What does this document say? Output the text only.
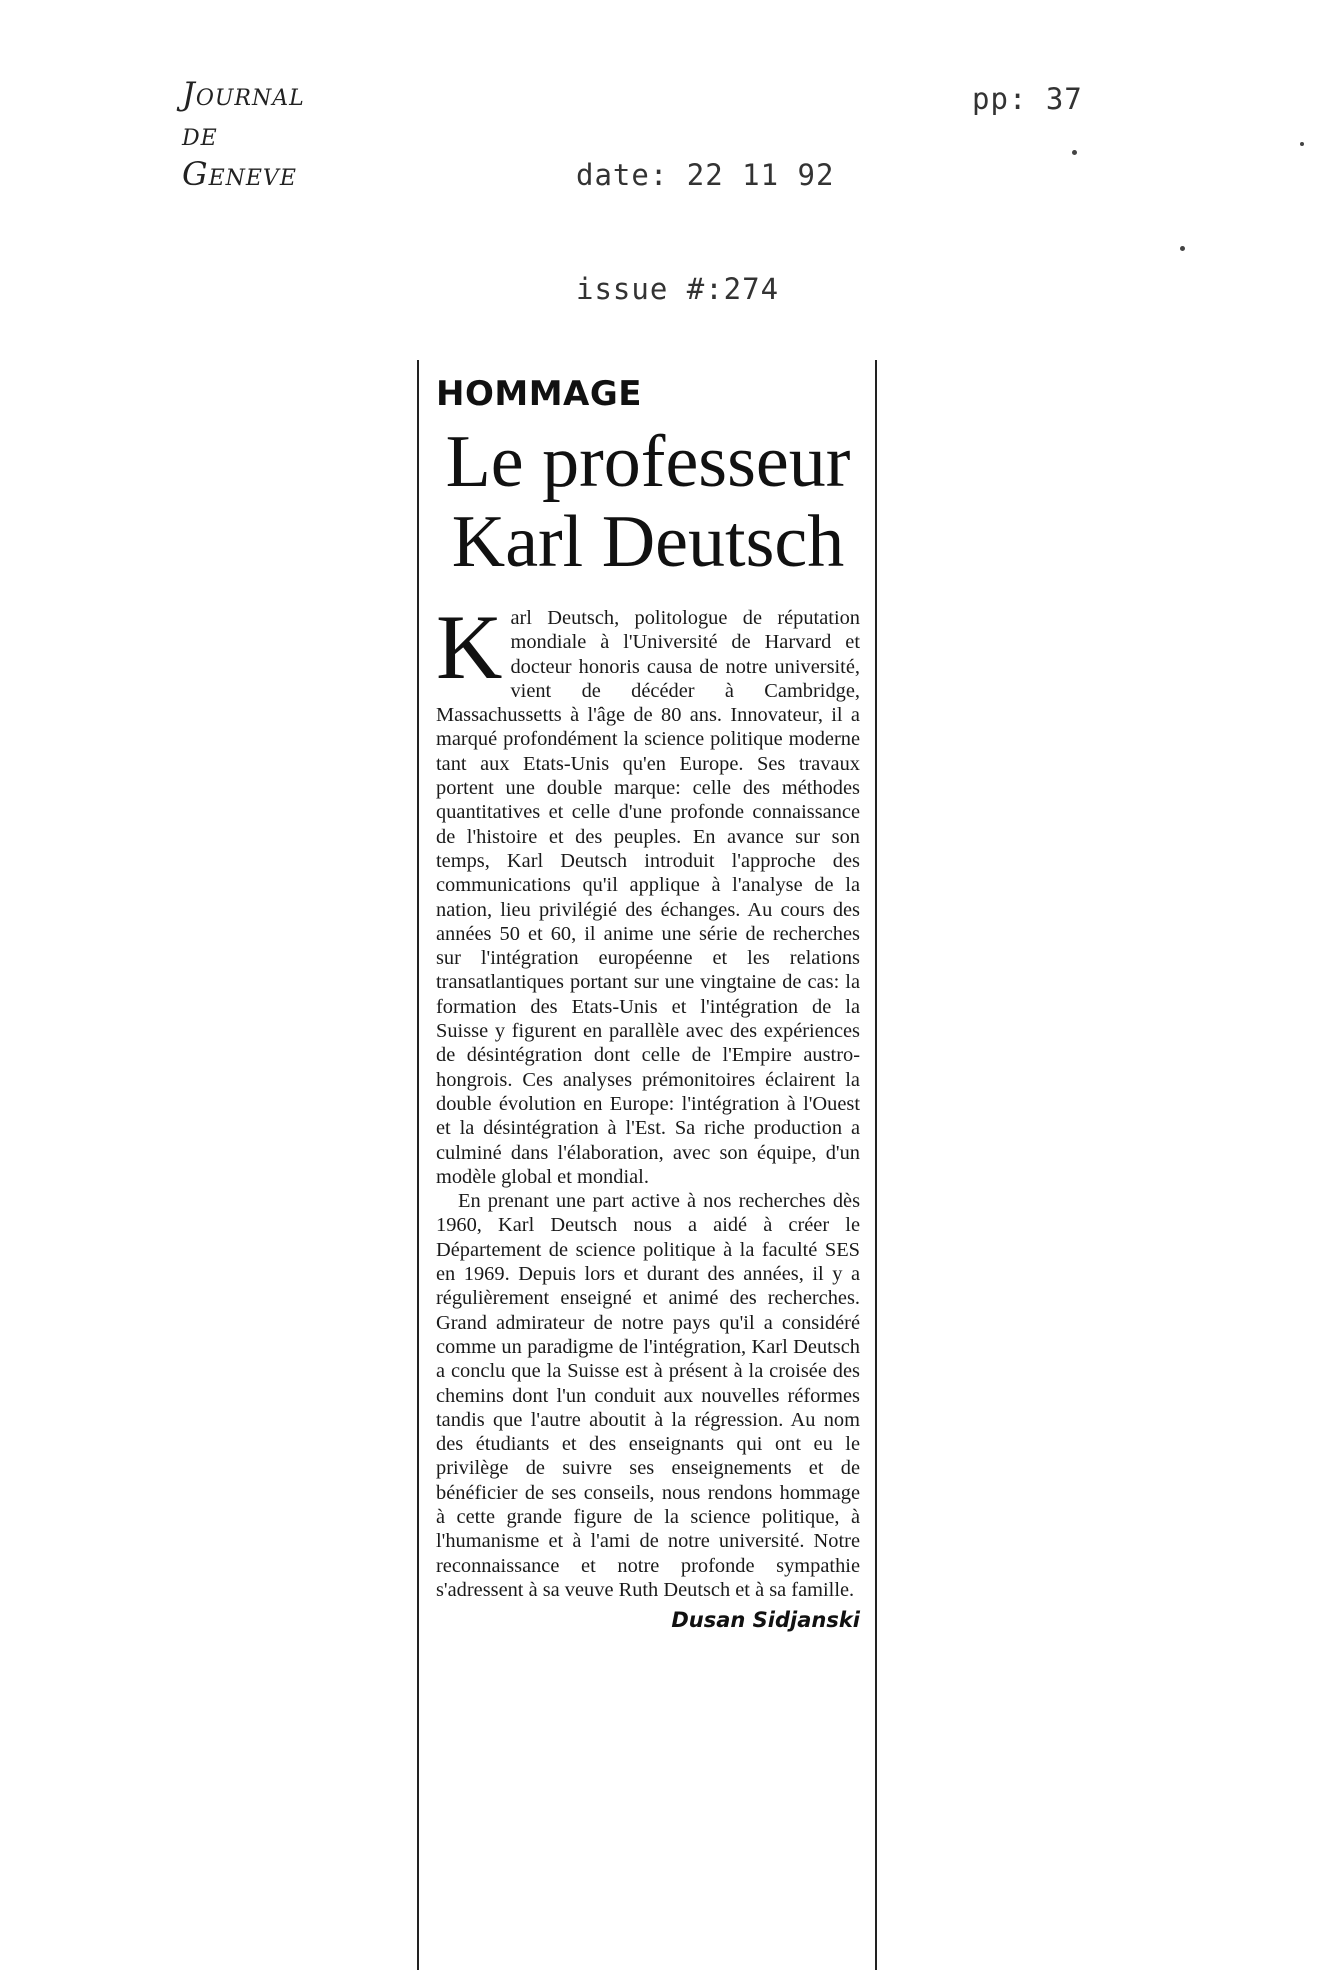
Journal
de
Geneve

	date: 22 11 92

issue #:274

pp: 37
HOMMAGE
Le professeur
Karl Deutsch

Karl Deutsch, politologue de réputation mondiale à l'Université de Harvard et docteur honoris causa de notre université, vient de décéder à Cambridge, Massachussetts à l'âge de 80 ans. Innovateur, il a marqué profondément la science politique moderne tant aux Etats-Unis qu'en Europe. Ses travaux portent une double marque: celle des méthodes quantitatives et celle d'une profonde connaissance de l'histoire et des peuples. En avance sur son temps, Karl Deutsch introduit l'approche des communications qu'il applique à l'analyse de la nation, lieu privilégié des échanges. Au cours des années 50 et 60, il anime une série de recherches sur l'intégration européenne et les relations transatlantiques portant sur une vingtaine de cas: la formation des Etats-Unis et l'intégration de la Suisse y figurent en parallèle avec des expériences de désintégration dont celle de l'Empire austro-hongrois. Ces analyses prémonitoires éclairent la double évolution en Europe: l'intégration à l'Ouest et la désintégration à l'Est. Sa riche production a culminé dans l'élaboration, avec son équipe, d'un modèle global et mondial.

En prenant une part active à nos recherches dès 1960, Karl Deutsch nous a aidé à créer le Département de science politique à la faculté SES en 1969. Depuis lors et durant des années, il y a régulièrement enseigné et animé des recherches. Grand admirateur de notre pays qu'il a considéré comme un paradigme de l'intégration, Karl Deutsch a conclu que la Suisse est à présent à la croisée des chemins dont l'un conduit aux nouvelles réformes tandis que l'autre aboutit à la régression. Au nom des étudiants et des enseignants qui ont eu le privilège de suivre ses enseignements et de bénéficier de ses conseils, nous rendons hommage à cette grande figure de la science politique, à l'humanisme et à l'ami de notre université. Notre reconnaissance et notre profonde sympathie s'adressent à sa veuve Ruth Deutsch et à sa famille.

Dusan Sidjanski
